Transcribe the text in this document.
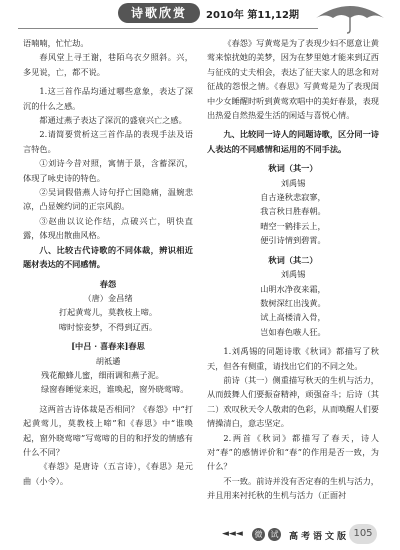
诗歌欣赏	2010年 第11,12期

语喃喃，忙忙劫。

春风堂上寻王谢，巷陌乌衣夕照斜。兴，多见说，亡，都不说。

1.这三首作品均通过哪些意象，表达了深沉的什么之感。

都通过燕子表达了深沉的盛衰兴亡之感。

2.请简要赏析这三首作品的表现手法及语言特色。

①刘诗今昔对照，寓情于景，含蓄深沉，体现了咏史诗的特色。

②吴词假借燕人诗句抒亡国隐痛，温婉悲凉，凸显婉约词的正宗风韵。

③赵曲以议论作结，点破兴亡，明快直露，体现出散曲风格。

八、比较古代诗歌的不同体裁，辨识相近题材表达的不同感情。

春怨

（唐）金昌绪

打起黄莺儿，莫教枝上啼。

啼时惊妾梦，不得到辽西。

[中吕 · 喜春来]春思

胡祗遹

残花酿蜂儿蜜，细雨调和燕子泥。

绿窗春睡觉来迟，谁唤起，窗外晓莺啼。

这两首古诗体裁是否相同？《春怨》中“打起黄莺儿，莫教枝上啼”和《春思》中“谁唤起，窗外晓莺啼”写莺啼的目的和抒发的情感有什么不同？

《春怨》是唐诗（五言诗），《春思》是元曲（小令）。

《春怨》写黄莺是为了表现少妇不愿意让黄莺来惊扰她的美梦，因为在梦里她才能来到辽西与征戍的丈夫相会，表达了征夫家人的思念和对征战的怨恨之情。《春思》写黄莺是为了表现闺中少女睡醒时听到黄莺欢唱中的美好春景，表现出热爱自然热爱生活的闲适与喜悦心情。

九、比较同一诗人的同题诗歌，区分同一诗人表达的不同感情和运用的不同手法。

秋词（其一）

刘禹锡

自古逢秋悲寂寥，

我言秋日胜春朝。

晴空一鹤排云上，

便引诗情到碧霄。

秋词（其二）

刘禹锡

山明水净夜来霜，

数树深红出浅黄。

试上高楼清入骨，

岂如春色嗾人狂。

1.刘禹锡的同题诗歌《秋词》都描写了秋天，但各有侧重，请找出它们的不同之处。

前诗（其一）侧重描写秋天的生机与活力，从而鼓舞人们要振奋精神，顽强奋斗；后诗（其二）欢叹秋天令人敬肃的色彩，从而唤醒人们要情操清白，意志坚定。

2.两首《秋词》都描写了春天，诗人对“春”的感情评价和“春”的作用是否一致，为什么？

不一致。前诗并没有否定春的生机与活力，并且用来衬托秋的生机与活力（正面衬

◄◄◄	微	试 高考语文版 105
